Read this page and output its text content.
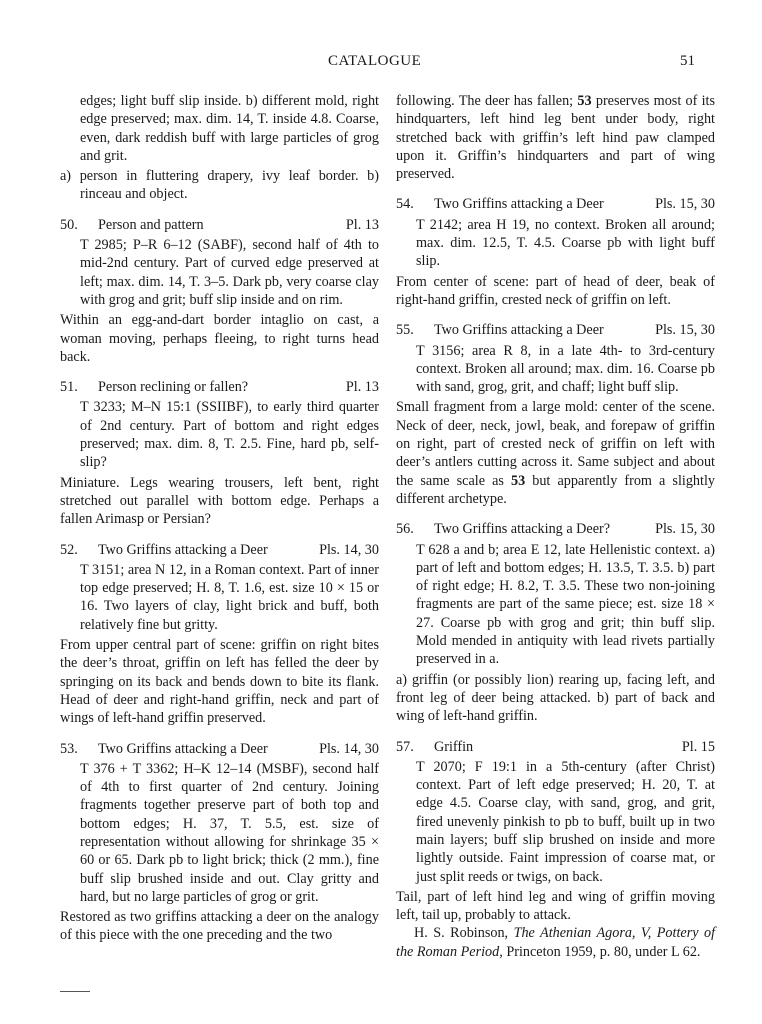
CATALOGUE	51

edges; light buff slip inside. b) different mold, right edge preserved; max. dim. 14, T. inside 4.8. Coarse, even, dark reddish buff with large particles of grog and grit.

a) person in fluttering drapery, ivy leaf border. b) rinceau and object.

50.	Person and pattern	Pl. 13

T 2985; P–R 6–12 (SABF), second half of 4th to mid-2nd century. Part of curved edge preserved at left; max. dim. 14, T. 3–5. Dark pb, very coarse clay with grog and grit; buff slip inside and on rim.

Within an egg-and-dart border intaglio on cast, a woman moving, perhaps fleeing, to right turns head back.

51.	Person reclining or fallen?	Pl. 13

T 3233; M–N 15:1 (SSIIBF), to early third quarter of 2nd century. Part of bottom and right edges preserved; max. dim. 8, T. 2.5. Fine, hard pb, self-slip?

Miniature. Legs wearing trousers, left bent, right stretched out parallel with bottom edge. Perhaps a fallen Arimasp or Persian?

52.	Two Griffins attacking a Deer	Pls. 14, 30

T 3151; area N 12, in a Roman context. Part of inner top edge preserved; H. 8, T. 1.6, est. size 10 × 15 or 16. Two layers of clay, light brick and buff, both relatively fine but gritty.

From upper central part of scene: griffin on right bites the deer’s throat, griffin on left has felled the deer by springing on its back and bends down to bite its flank. Head of deer and right-hand griffin, neck and part of wings of left-hand griffin preserved.

53.	Two Griffins attacking a Deer	Pls. 14, 30

T 376 + T 3362; H–K 12–14 (MSBF), second half of 4th to first quarter of 2nd century. Joining fragments together preserve part of both top and bottom edges; H. 37, T. 5.5, est. size of representation without allowing for shrinkage 35 × 60 or 65. Dark pb to light brick; thick (2 mm.), fine buff slip brushed inside and out. Clay gritty and hard, but no large particles of grog or grit.

Restored as two griffins attacking a deer on the analogy of this piece with the one preceding and the two

following. The deer has fallen; 53 preserves most of its hindquarters, left hind leg bent under body, right stretched back with griffin’s left hind paw clamped upon it. Griffin’s hindquarters and part of wing preserved.

54.	Two Griffins attacking a Deer	Pls. 15, 30

T 2142; area H 19, no context. Broken all around; max. dim. 12.5, T. 4.5. Coarse pb with light buff slip.

From center of scene: part of head of deer, beak of right-hand griffin, crested neck of griffin on left.

55.	Two Griffins attacking a Deer	Pls. 15, 30

T 3156; area R 8, in a late 4th- to 3rd-century context. Broken all around; max. dim. 16. Coarse pb with sand, grog, grit, and chaff; light buff slip.

Small fragment from a large mold: center of the scene. Neck of deer, neck, jowl, beak, and forepaw of griffin on right, part of crested neck of griffin on left with deer’s antlers cutting across it. Same subject and about the same scale as 53 but apparently from a slightly different archetype.

56.	Two Griffins attacking a Deer?	Pls. 15, 30

T 628 a and b; area E 12, late Hellenistic context. a) part of left and bottom edges; H. 13.5, T. 3.5. b) part of right edge; H. 8.2, T. 3.5. These two non-joining fragments are part of the same piece; est. size 18 × 27. Coarse pb with grog and grit; thin buff slip. Mold mended in antiquity with lead rivets partially preserved in a.

a) griffin (or possibly lion) rearing up, facing left, and front leg of deer being attacked. b) part of back and wing of left-hand griffin.

57.	Griffin	Pl. 15

T 2070; F 19:1 in a 5th-century (after Christ) context. Part of left edge preserved; H. 20, T. at edge 4.5. Coarse clay, with sand, grog, and grit, fired unevenly pinkish to pb to buff, built up in two main layers; buff slip brushed on inside and more lightly outside. Faint impression of coarse mat, or just split reeds or twigs, on back.

Tail, part of left hind leg and wing of griffin moving left, tail up, probably to attack.

H. S. Robinson, The Athenian Agora, V, Pottery of the Roman Period, Princeton 1959, p. 80, under L 62.
